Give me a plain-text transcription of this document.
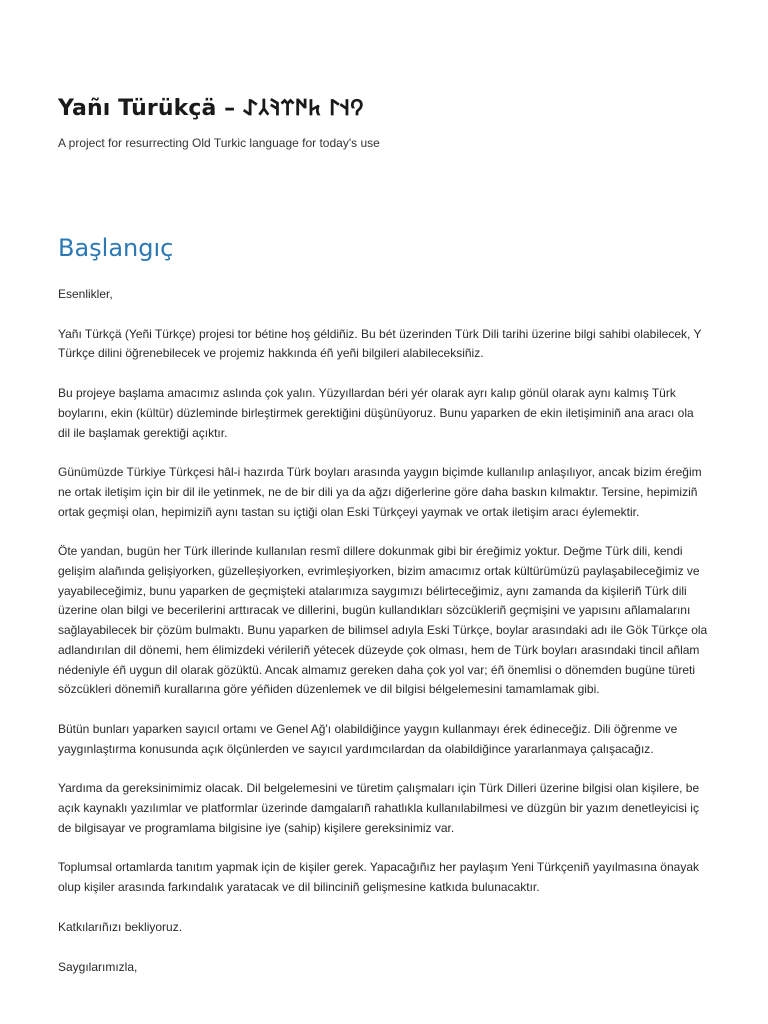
Yañı Türükçä – 𐰘𐰭𐰃 𐱅𐰇𐰼𐰚𐰲𐰀

A project for resurrecting Old Turkic language for today's use

Başlangıç

Esenlikler,

Yañı Türkçä (Yeñi Türkçe) projesi tor bétine hoş géldiñiz. Bu bét üzerinden Türk Dili tarihi üzerine bilgi sahibi olabilecek, Y
Türkçe dilini öğrenebilecek ve projemiz hakkında éñ yeñi bilgileri alabileceksiñiz.

Bu projeye başlama amacımız aslında çok yalın. Yüzyıllardan béri yér olarak ayrı kalıp gönül olarak aynı kalmış Türk
boylarını, ekin (kültür) düzleminde birleştirmek gerektiğini düşünüyoruz. Bunu yaparken de ekin iletişiminiñ ana aracı ola
dil ile başlamak gerektiği açıktır.

Günümüzde Türkiye Türkçesi hâl-i hazırda Türk boyları arasında yaygın biçimde kullanılıp anlaşılıyor, ancak bizim éreğim
ne ortak iletişim için bir dil ile yetinmek, ne de bir dili ya da ağzı diğerlerine göre daha baskın kılmaktır. Tersine, hepimiziñ
ortak geçmişi olan, hepimiziñ aynı tastan su içtiği olan Eski Türkçeyi yaymak ve ortak iletişim aracı éylemektir.

Öte yandan, bugün her Türk illerinde kullanılan resmî dillere dokunmak gibi bir éreğimiz yoktur. Değme Türk dili, kendi
gelişim alañında gelişiyorken, güzelleşiyorken, evrimleşiyorken, bizim amacımız ortak kültürümüzü paylaşabileceğimiz ve
yayabileceğimiz, bunu yaparken de geçmişteki atalarımıza saygımızı bélirteceğimiz, aynı zamanda da kişileriñ Türk dili
üzerine olan bilgi ve becerilerini arttıracak ve dillerini, bugün kullandıkları sözcükleriñ geçmişini ve yapısını añlamalarını
sağlayabilecek bir çözüm bulmaktı. Bunu yaparken de bilimsel adıyla Eski Türkçe, boylar arasındaki adı ile Gök Türkçe ola
adlandırılan dil dönemi, hem élimizdeki vérileriñ yétecek düzeyde çok olması, hem de Türk boyları arasındaki tincil añlam
nédeniyle éñ uygun dil olarak gözüktü. Ancak almamız gereken daha çok yol var; éñ önemlisi o dönemden bugüne türeti
sözcükleri dönemiñ kurallarına göre yéñiden düzenlemek ve dil bilgisi bélgelemesini tamamlamak gibi.

Bütün bunları yaparken sayıcıl ortamı ve Genel Ağ'ı olabildiğince yaygın kullanmayı érek édineceğiz. Dili öğrenme ve
yaygınlaştırma konusunda açık ölçünlerden ve sayıcıl yardımcılardan da olabildiğince yararlanmaya çalışacağız.

Yardıma da gereksinimimiz olacak. Dil belgelemesini ve türetim çalışmaları için Türk Dilleri üzerine bilgisi olan kişilere, be
açık kaynaklı yazılımlar ve platformlar üzerinde damgalarıñ rahatlıkla kullanılabilmesi ve düzgün bir yazım denetleyicisi iç
de bilgisayar ve programlama bilgisine iye (sahip) kişilere gereksinimiz var.

Toplumsal ortamlarda tanıtım yapmak için de kişiler gerek. Yapacağıñız her paylaşım Yeni Türkçeniñ yayılmasına önayak
olup kişiler arasında farkındalık yaratacak ve dil bilinciniñ gelişmesine katkıda bulunacaktır.

Katkılarıñızı bekliyoruz.

Saygılarımızla,
